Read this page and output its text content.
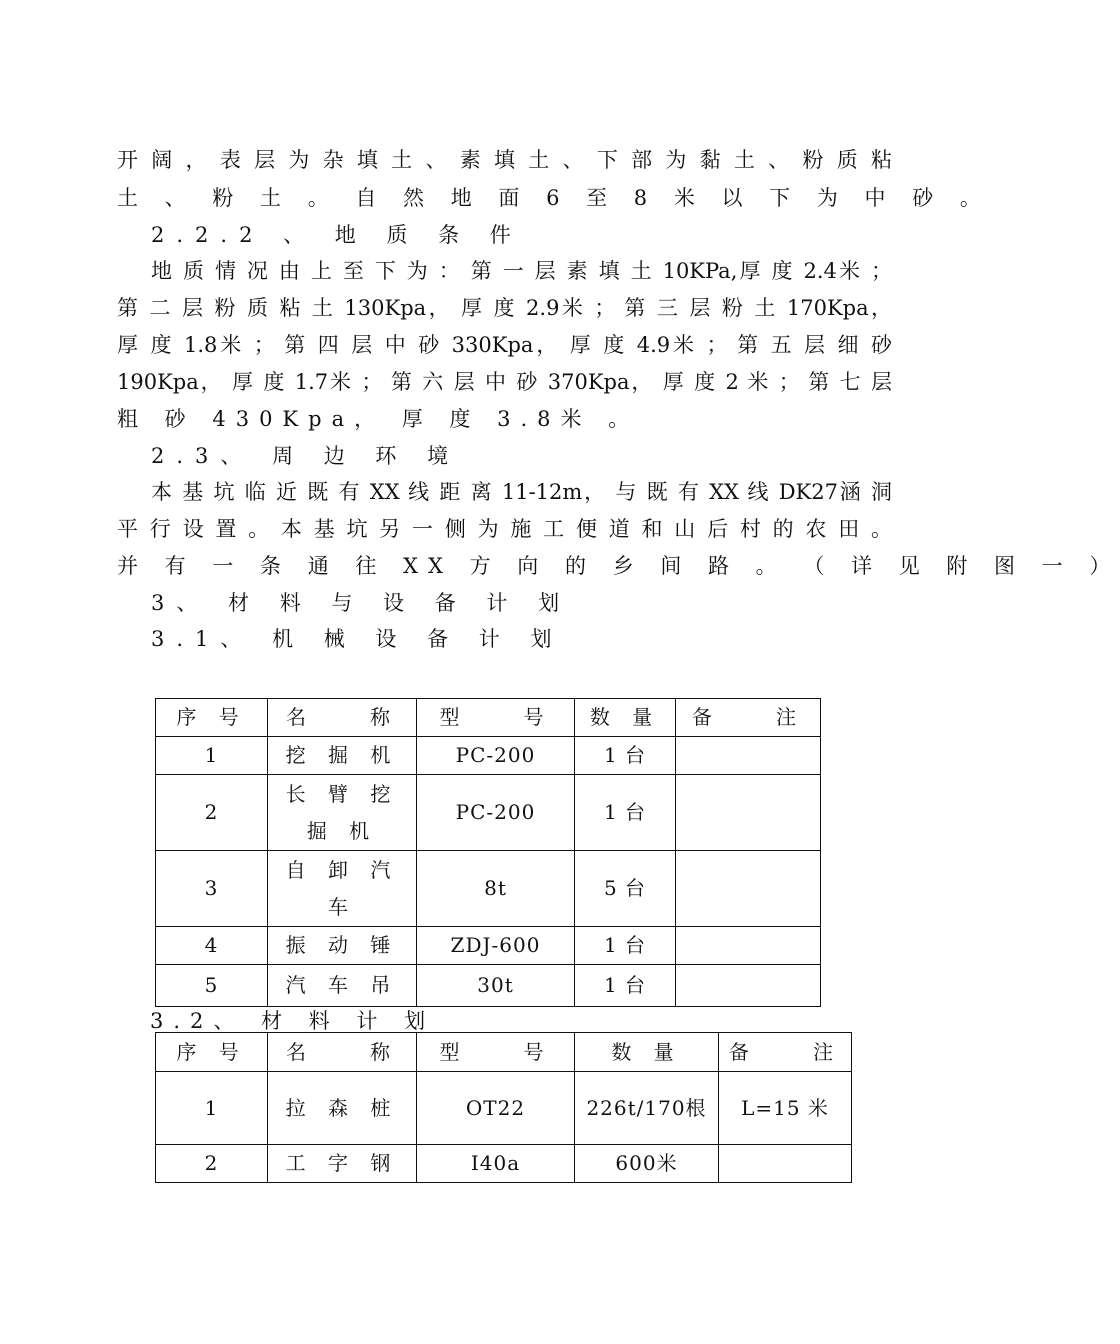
开 阔 ， 表 层 为 杂 填 土 、 素 填 土 、 下 部 为 黏 土 、 粉 质 粘
土 、 粉 土 。 自 然 地 面 6 至 8 米 以 下 为 中 砂 。
2.2.2 、 地 质 条 件
地 质 情 况 由 上 至 下 为 ： 第 一 层 素 填 土 10KPa,厚 度 2.4米 ；
第 二 层 粉 质 粘 土 130Kpa， 厚 度 2.9米 ； 第 三 层 粉 土 170Kpa，
厚 度 1.8米 ； 第 四 层 中 砂 330Kpa， 厚 度 4.9米 ； 第 五 层 细 砂
190Kpa， 厚 度 1.7米 ； 第 六 层 中 砂 370Kpa， 厚 度 2 米 ； 第 七 层
粗 砂 430Kpa， 厚 度 3.8米 。
2.3、 周 边 环 境
本 基 坑 临 近 既 有 XX 线 距 离 11-12m， 与 既 有 XX 线 DK27涵 洞
平 行 设 置 。 本 基 坑 另 一 侧 为 施 工 便 道 和 山 后 村 的 农 田 。
并 有 一 条 通 往 XX 方 向 的 乡 间 路 。 （ 详 见 附 图 一 ）
3、 材 料 与 设 备 计 划
3.1、 机 械 设 备 计 划
序 号	名　　称	型　　号	数 量	备　　注
1	挖 掘 机	PC-200	1 台	
2	长 臂 挖 掘 机	PC-200	1 台	
3	自 卸 汽 车	8t	5 台	
4	振 动 锤	ZDJ-600	1 台	
5	汽 车 吊	30t	1 台	
3.2、 材 料 计 划
序 号	名　　称	型　　号	数 量	备　　注
1	拉 森 桩	OT22	226t/170根	L=15 米
2	工 字 钢	I40a	600米	
